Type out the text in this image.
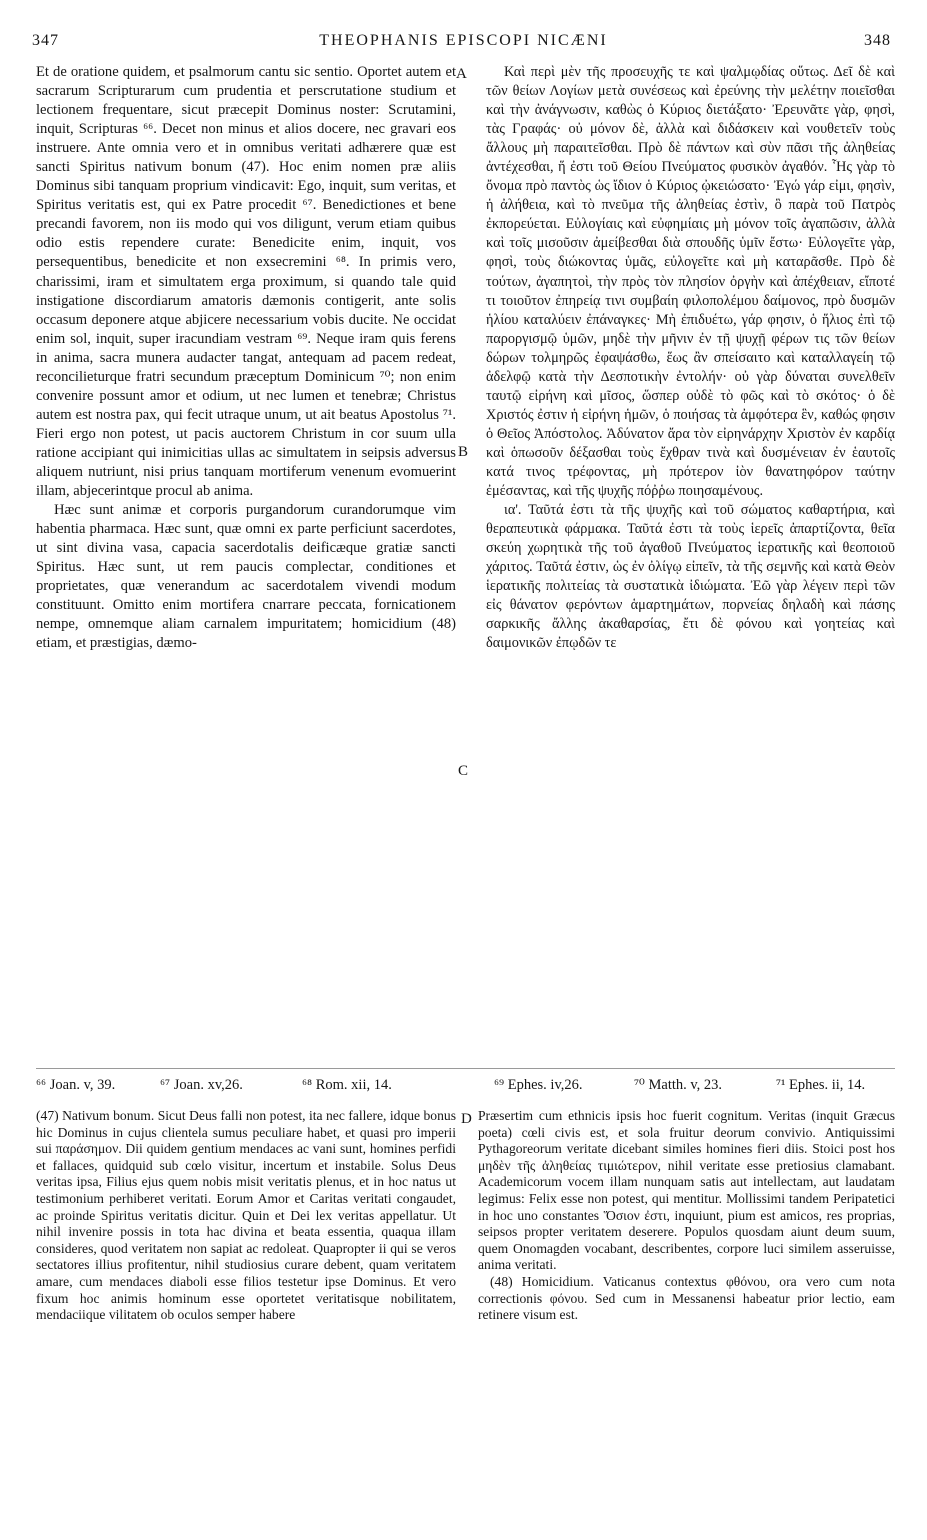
347	THEOPHANIS EPISCOPI NICÆNI	348

Et de oratione quidem, et psalmorum cantu sic sentio. Oportet autem et sacrarum Scripturarum cum prudentia et perscrutatione studium et lectionem frequentare, sicut præcepit Dominus noster: Scrutamini, inquit, Scripturas ⁶⁶. Decet non minus et alios docere, nec gravari eos instruere. Ante omnia vero et in omnibus veritati adhærere quæ est sancti Spiritus nativum bonum (47). Hoc enim nomen præ aliis Dominus sibi tanquam proprium vindicavit: Ego, inquit, sum veritas, et Spiritus veritatis est, qui ex Patre procedit ⁶⁷. Benedictiones et bene precandi favorem, non iis modo qui vos diligunt, verum etiam quibus odio estis rependere curate: Benedicite enim, inquit, vos persequentibus, benedicite et non exsecremini ⁶⁸. In primis vero, charissimi, iram et simultatem erga proximum, si quando tale quid instigatione discordiarum amatoris dæmonis contigerit, ante solis occasum deponere atque abjicere necessarium vobis ducite. Ne occidat enim sol, inquit, super iracundiam vestram ⁶⁹. Neque iram quis ferens in anima, sacra munera audacter tangat, antequam ad pacem redeat, reconcilieturque fratri secundum præceptum Dominicum ⁷⁰; non enim convenire possunt amor et odium, ut nec lumen et tenebræ; Christus autem est nostra pax, qui fecit utraque unum, ut ait beatus Apostolus ⁷¹. Fieri ergo non potest, ut pacis auctorem Christum in cor suum ulla ratione accipiant qui inimicitias ullas ac simultatem in seipsis adversus aliquem nutriunt, nisi prius tanquam mortiferum venenum evomuerint illam, abjecerintque procul ab anima.

Hæc sunt animæ et corporis purgandorum curandorumque vim habentia pharmaca. Hæc sunt, quæ omni ex parte perficiunt sacerdotes, ut sint divina vasa, capacia sacerdotalis deificæque gratiæ sancti Spiritus. Hæc sunt, ut rem paucis complectar, conditiones et proprietates, quæ venerandum ac sacerdotalem vivendi modum constituunt. Omitto enim mortifera cnarrare peccata, fornicationem nempe, omnemque aliam carnalem impuritatem; homicidium (48) etiam, et præstigias, dæmo-

Καὶ περὶ μὲν τῆς προσευχῆς τε καὶ ψαλμῳδίας οὕτως. Δεῖ δὲ καὶ τῶν θείων Λογίων μετὰ συνέσεως καὶ ἐρεύνης τὴν μελέτην ποιεῖσθαι καὶ τὴν ἀνάγνωσιν, καθὼς ὁ Κύριος διετάξατο· Ἐρευνᾶτε γὰρ, φησὶ, τὰς Γραφάς· οὐ μόνον δὲ, ἀλλὰ καὶ διδάσκειν καὶ νουθετεῖν τοὺς ἄλλους μὴ παραιτεῖσθαι. Πρὸ δὲ πάντων καὶ σὺν πᾶσι τῆς ἀληθείας ἀντέχεσθαι, ἥ ἐστι τοῦ Θείου Πνεύματος φυσικὸν ἀγαθόν. Ἧς γὰρ τὸ ὄνομα πρὸ παντὸς ὡς ἴδιον ὁ Κύριος ᾠκειώσατο· Ἐγώ γάρ εἰμι, φησὶν, ἡ ἀλήθεια, καὶ τὸ πνεῦμα τῆς ἀληθείας ἐστὶν, ὃ παρὰ τοῦ Πατρὸς ἐκπορεύεται. Εὐλογίαις καὶ εὐφημίαις μὴ μόνον τοῖς ἀγαπῶσιν, ἀλλὰ καὶ τοῖς μισοῦσιν ἀμείβεσθαι διὰ σπουδῆς ὑμῖν ἔστω· Εὐλογεῖτε γὰρ, φησὶ, τοὺς διώκοντας ὑμᾶς, εὐλογεῖτε καὶ μὴ καταρᾶσθε. Πρὸ δὲ τούτων, ἀγαπητοὶ, τὴν πρὸς τὸν πλησίον ὀργὴν καὶ ἀπέχθειαν, εἴποτέ τι τοιοῦτον ἐπηρείᾳ τινι συμβαίη φιλοπολέμου δαίμονος, πρὸ δυσμῶν ἡλίου καταλύειν ἐπάναγκες· Μὴ ἐπιδυέτω, γάρ φησιν, ὁ ἥλιος ἐπὶ τῷ παροργισμῷ ὑμῶν, μηδὲ τὴν μῆνιν ἐν τῇ ψυχῇ φέρων τις τῶν θείων δώρων τολμηρῶς ἐφαψάσθω, ἕως ἂν σπείσαιτο καὶ καταλλαγείη τῷ ἀδελφῷ κατὰ τὴν Δεσποτικὴν ἐντολήν· οὐ γὰρ δύναται συνελθεῖν ταυτῷ εἰρήνη καὶ μῖσος, ὥσπερ οὐδὲ τὸ φῶς καὶ τὸ σκότος· ὁ δὲ Χριστός ἐστιν ἡ εἰρήνη ἡμῶν, ὁ ποιήσας τὰ ἀμφότερα ἓν, καθώς φησιν ὁ Θεῖος Ἀπόστολος. Ἀδύνατον ἄρα τὸν εἰρηνάρχην Χριστὸν ἐν καρδίᾳ καὶ ὁπωσοῦν δέξασθαι τοὺς ἔχθραν τινὰ καὶ δυσμένειαν ἐν ἑαυτοῖς κατά τινος τρέφοντας, μὴ πρότερον ἰὸν θανατηφόρον ταύτην ἐμέσαντας, καὶ τῆς ψυχῆς πόῤῥω ποιησαμένους.

ια'. Ταῦτά ἐστι τὰ τῆς ψυχῆς καὶ τοῦ σώματος καθαρτήρια, καὶ θεραπευτικὰ φάρμακα. Ταῦτά ἐστι τὰ τοὺς ἱερεῖς ἀπαρτίζοντα, θεῖα σκεύη χωρητικὰ τῆς τοῦ ἀγαθοῦ Πνεύματος ἱερατικῆς καὶ θεοποιοῦ χάριτος. Ταῦτά ἐστιν, ὡς ἐν ὀλίγῳ εἰπεῖν, τὰ τῆς σεμνῆς καὶ κατὰ Θεὸν ἱερατικῆς πολιτείας τὰ συστατικὰ ἰδιώματα. Ἐῶ γὰρ λέγειν περὶ τῶν εἰς θάνατον φερόντων ἁμαρτημάτων, πορνείας δηλαδὴ καὶ πάσης σαρκικῆς ἄλλης ἀκαθαρσίας, ἔτι δὲ φόνου καὶ γοητείας καὶ δαιμονικῶν ἐπῳδῶν τε

A
B
C
D
⁶⁶ Joan. v, 39.	⁶⁷ Joan. xv,26.	⁶⁸ Rom. xii, 14.	⁶⁹ Ephes. iv,26.	⁷⁰ Matth. v, 23.	⁷¹ Ephes. ii, 14.

(47) Nativum bonum. Sicut Deus falli non potest, ita nec fallere, idque bonus hic Dominus in cujus clientela sumus peculiare habet, et quasi pro imperii sui παράσημον. Dii quidem gentium mendaces ac vani sunt, homines perfidi et fallaces, quidquid sub cœlo visitur, incertum et instabile. Solus Deus veritas ipsa, Filius ejus quem nobis misit veritatis plenus, et in hoc natus ut testimonium perhiberet veritati. Eorum Amor et Caritas veritati congaudet, ac proinde Spiritus veritatis dicitur. Quin et Dei lex veritas appellatur. Ut nihil invenire possis in tota hac divina et beata essentia, quaqua illam consideres, quod veritatem non sapiat ac redoleat. Quapropter ii qui se veros sectatores illius profitentur, nihil studiosius curare debent, quam veritatem amare, cum mendaces diaboli esse filios testetur ipse Dominus. Et vero fixum hoc animis hominum esse oportetet veritatisque nobilitatem, mendaciique vilitatem ob oculos semper habere

Præsertim cum ethnicis ipsis hoc fuerit cognitum. Veritas (inquit Græcus poeta) cœli civis est, et sola fruitur deorum convivio. Antiquissimi Pythagoreorum veritate dicebant similes homines fieri diis. Stoici post hos μηδὲν τῆς ἀληθείας τιμιώτερον, nihil veritate esse pretiosius clamabant. Academicorum vocem illam nunquam satis aut intellectam, aut laudatam legimus: Felix esse non potest, qui mentitur. Mollissimi tandem Peripatetici in hoc uno constantes Ὅσιον ἐστι, inquiunt, pium est amicos, res proprias, seipsos propter veritatem deserere. Populos quosdam aiunt deum suum, quem Onomagden vocabant, describentes, corpore luci similem asseruisse, anima veritati.

(48) Homicidium. Vaticanus contextus φθόνου, ora vero cum nota correctionis φόνου. Sed cum in Messanensi habeatur prior lectio, eam retinere visum est.
